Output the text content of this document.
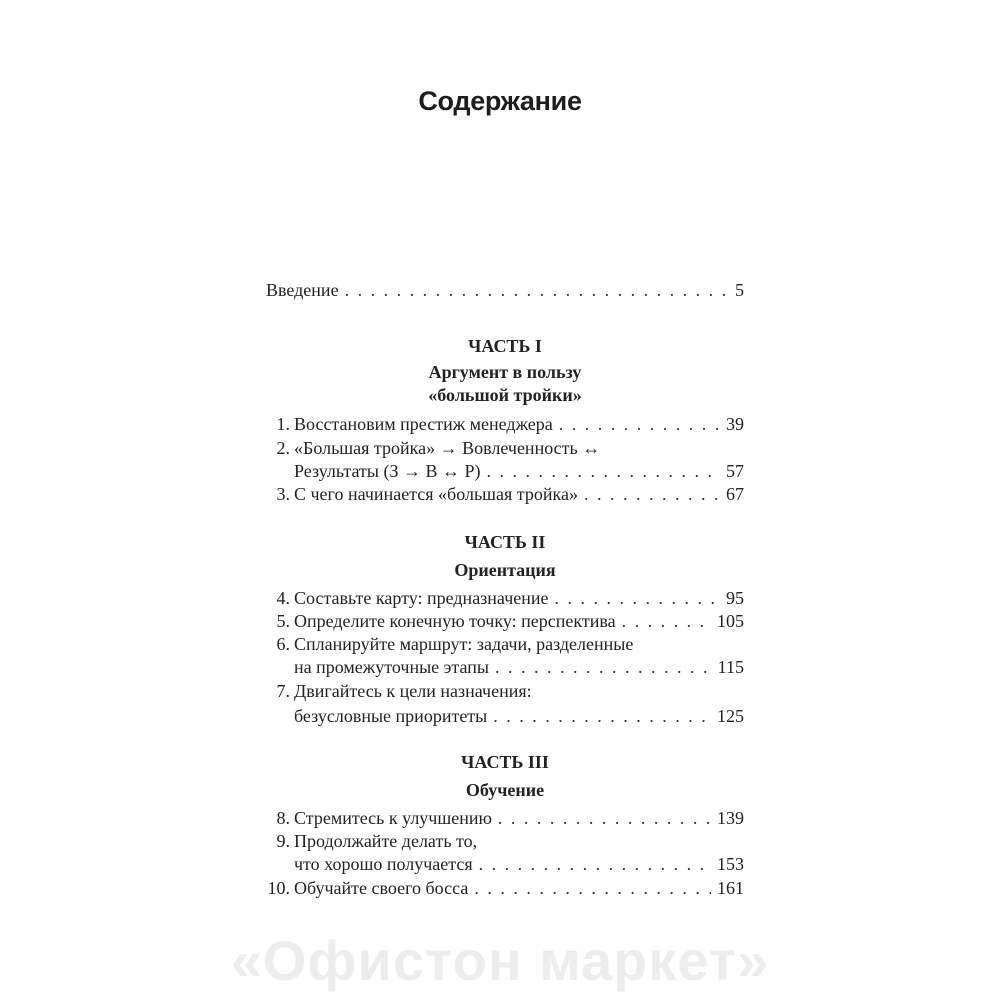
Содержание
Введение . . .	5
ЧАСТЬ I
Аргумент в пользу
«большой тройки»
1. Восстановим престиж менеджера . . .	39
2. «Большая тройка» → Вовлеченность ↔
Результаты (З → В ↔ Р) . . .	57
3. С чего начинается «большая тройка» . . .	67
ЧАСТЬ II
Ориентация
4. Составьте карту: предназначение . . .	95
5. Определите конечную точку: перспектива . . .	105
6. Спланируйте маршрут: задачи, разделенные
на промежуточные этапы . . .	115
7. Двигайтесь к цели назначения:
безусловные приоритеты . . .	125
ЧАСТЬ III
Обучение
8. Стремитесь к улучшению . . .	139
9. Продолжайте делать то,
что хорошо получается . . .	153
10. Обучайте своего босса . . .	161
«Офистон маркет»
